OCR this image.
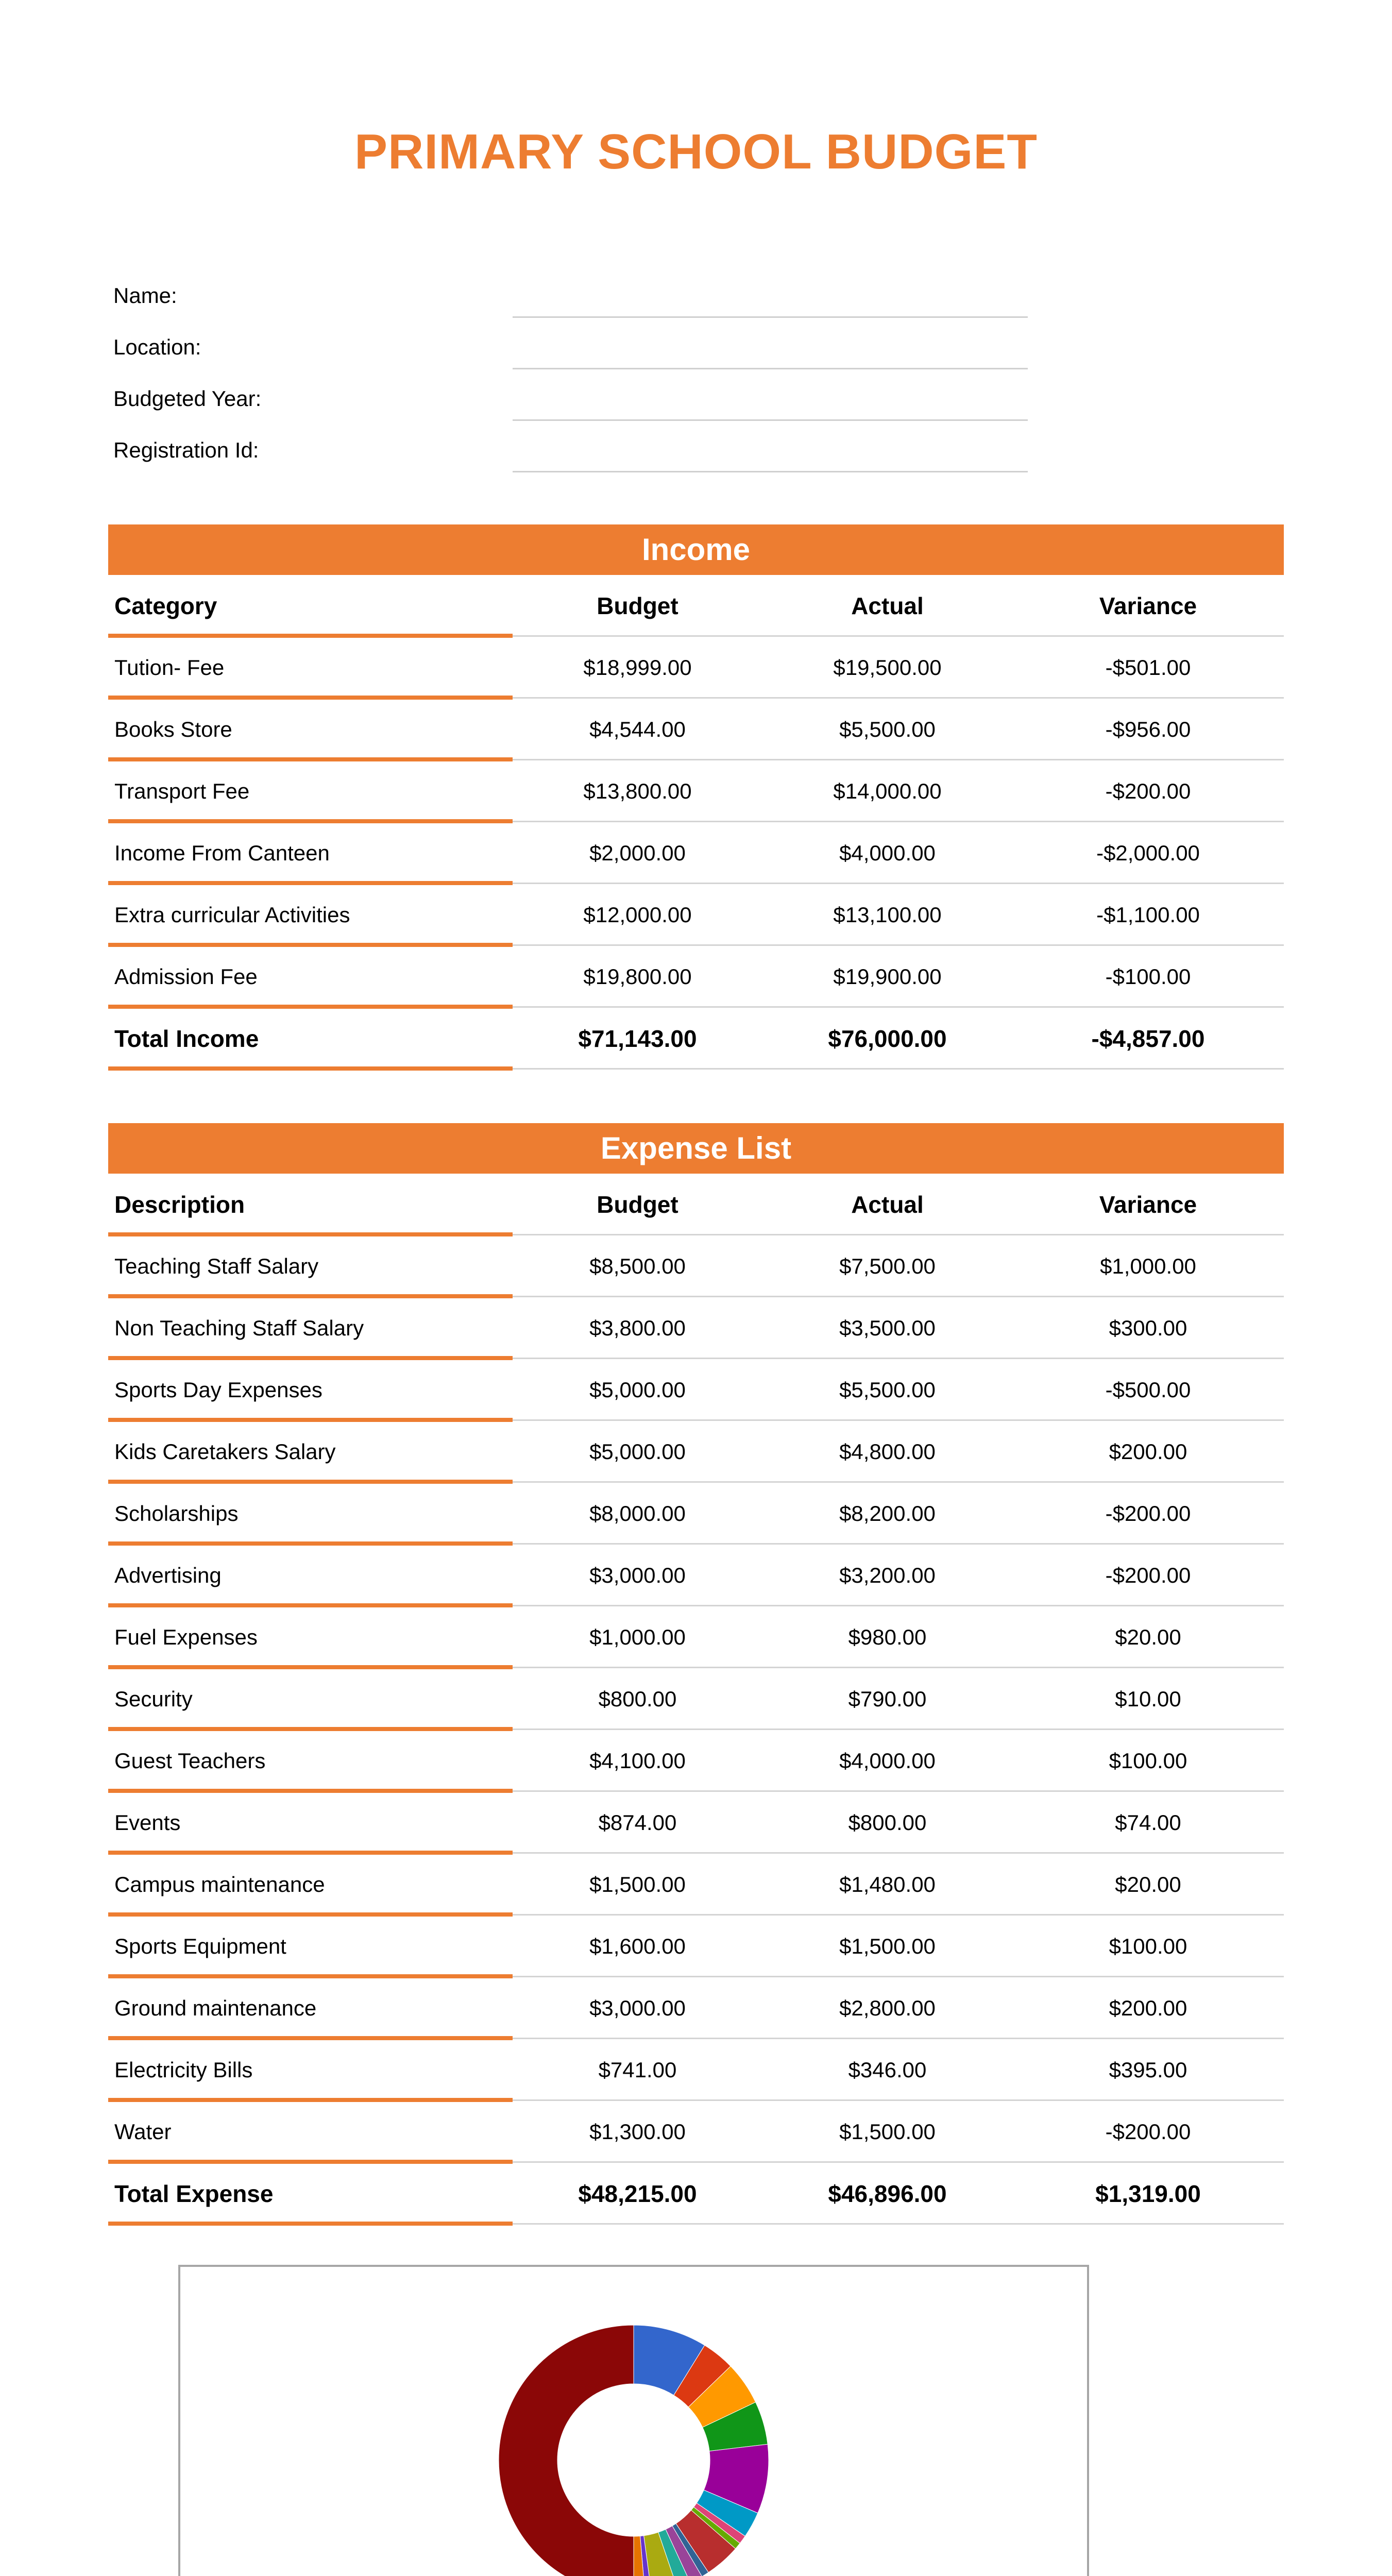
PRIMARY SCHOOL BUDGET
Name:
Location:
Budgeted Year:
Registration Id:
Income
Category	Budget	Actual	Variance
Tution- Fee	$18,999.00	$19,500.00	-$501.00
Books Store	$4,544.00	$5,500.00	-$956.00
Transport Fee	$13,800.00	$14,000.00	-$200.00
Income From Canteen	$2,000.00	$4,000.00	-$2,000.00
Extra curricular Activities	$12,000.00	$13,100.00	-$1,100.00
Admission Fee	$19,800.00	$19,900.00	-$100.00
Total Income	$71,143.00	$76,000.00	-$4,857.00
Expense List
Description	Budget	Actual	Variance
Teaching Staff Salary	$8,500.00	$7,500.00	$1,000.00
Non Teaching Staff Salary	$3,800.00	$3,500.00	$300.00
Sports Day Expenses	$5,000.00	$5,500.00	-$500.00
Kids Caretakers Salary	$5,000.00	$4,800.00	$200.00
Scholarships	$8,000.00	$8,200.00	-$200.00
Advertising	$3,000.00	$3,200.00	-$200.00
Fuel Expenses	$1,000.00	$980.00	$20.00
Security	$800.00	$790.00	$10.00
Guest Teachers	$4,100.00	$4,000.00	$100.00
Events	$874.00	$800.00	$74.00
Campus maintenance	$1,500.00	$1,480.00	$20.00
Sports Equipment	$1,600.00	$1,500.00	$100.00
Ground maintenance	$3,000.00	$2,800.00	$200.00
Electricity Bills	$741.00	$346.00	$395.00
Water	$1,300.00	$1,500.00	-$200.00
Total Expense	$48,215.00	$46,896.00	$1,319.00
